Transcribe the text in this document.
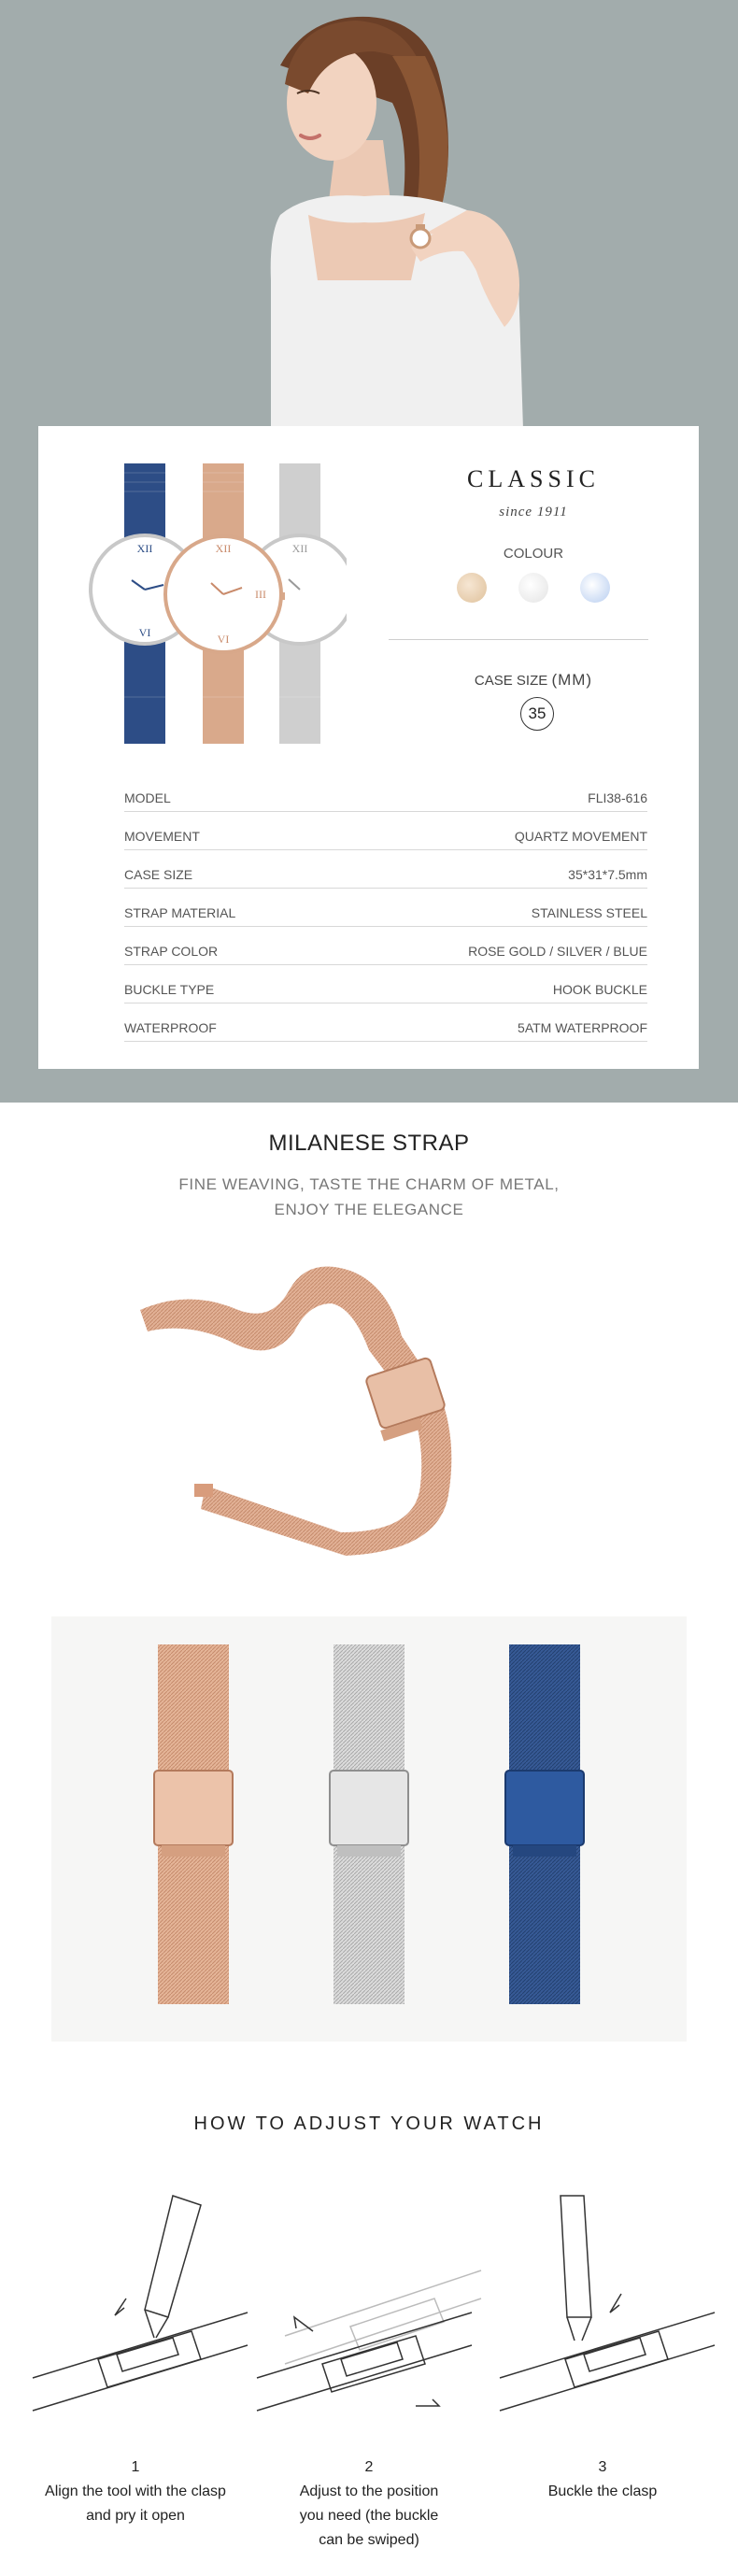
XII
VI
XII
III
VI
XII
CLASSIC
since 1911
COLOUR
CASE SIZE (MM)
35
MODEL	FLI38-616
MOVEMENT	QUARTZ MOVEMENT
CASE SIZE	35*31*7.5mm
STRAP MATERIAL	STAINLESS STEEL
STRAP COLOR	ROSE GOLD / SILVER / BLUE
BUCKLE TYPE	HOOK BUCKLE
WATERPROOF	5ATM WATERPROOF
MILANESE STRAP
FINE WEAVING, TASTE THE CHARM OF METAL,
ENJOY THE ELEGANCE
HOW TO ADJUST YOUR WATCH
1
Align the tool with the clasp
and pry it open
2
Adjust to the position
you need (the buckle
can be swiped)
3
Buckle the clasp
